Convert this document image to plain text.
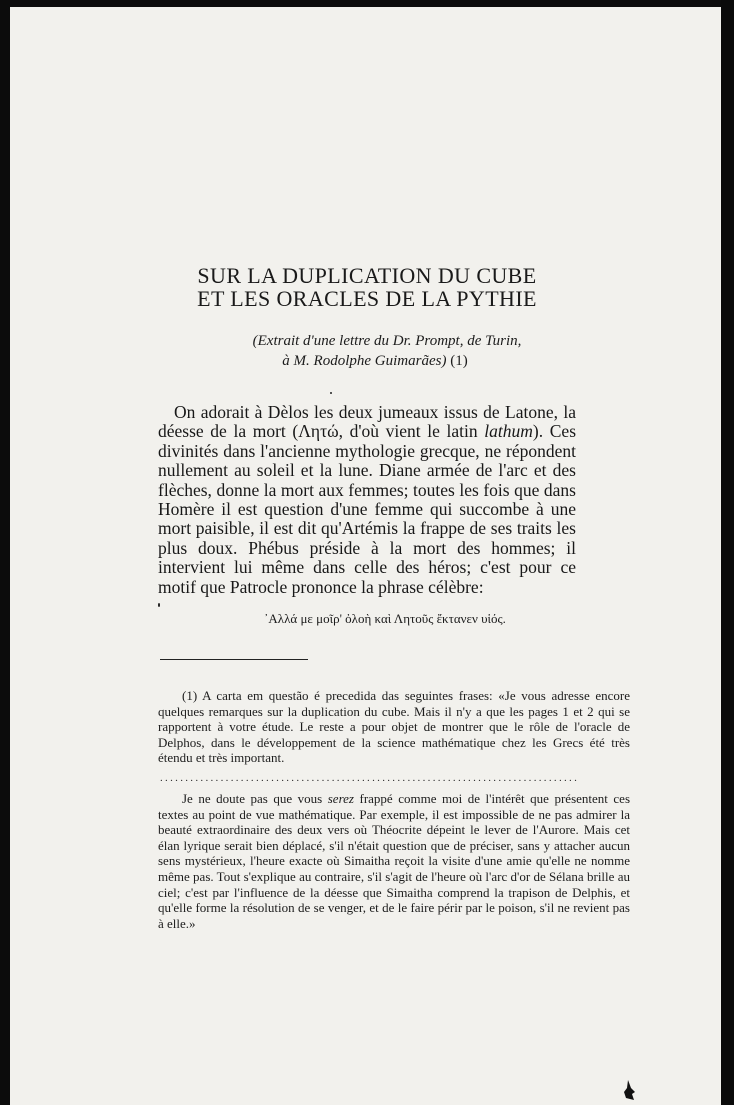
SUR LA DUPLICATION DU CUBE
ET LES ORACLES DE LA PYTHIE
(Extrait d'une lettre du Dr. Prompt, de Turin,
à M. Rodolphe Guimarães) (1)

On adorait à Dèlos les deux jumeaux issus de Latone, la déesse de la mort (Λητώ, d'où vient le latin lathum). Ces divinités dans l'ancienne mythologie grecque, ne répondent nullement au soleil et la lune. Diane armée de l'arc et des flèches, donne la mort aux femmes; toutes les fois que dans Homère il est question d'une femme qui succombe à une mort paisible, il est dit qu'Artémis la frappe de ses traits les plus doux. Phébus préside à la mort des hommes; il intervient lui même dans celle des héros; c'est pour ce motif que Patrocle prononce la phrase célèbre:

᾿Αλλά με μοῖρ' ὀλοὴ καὶ Λητοῦς ἔκτανεν υἱός.

(1) A carta em questão é precedida das seguintes frases: «Je vous adresse encore quelques remarques sur la duplication du cube. Mais il n'y a que les pages 1 et 2 qui se rapportent à votre étude. Le reste a pour objet de montrer que le rôle de l'oracle de Delphos, dans le développement de la science mathématique chez les Grecs été très étendu et très important.

...................................................................................

Je ne doute pas que vous serez frappé comme moi de l'intérêt que présentent ces textes au point de vue mathématique. Par exemple, il est impossible de ne pas admirer la beauté extraordinaire des deux vers où Théocrite dépeint le lever de l'Aurore. Mais cet élan lyrique serait bien déplacé, s'il n'était question que de préciser, sans y attacher aucun sens mystérieux, l'heure exacte où Simaitha reçoit la visite d'une amie qu'elle ne nomme même pas. Tout s'explique au contraire, s'il s'agit de l'heure où l'arc d'or de Sélana brille au ciel; c'est par l'influence de la déesse que Simaitha comprend la trapison de Delphis, et qu'elle forme la résolution de se venger, et de le faire périr par le poison, s'il ne revient pas à elle.»
